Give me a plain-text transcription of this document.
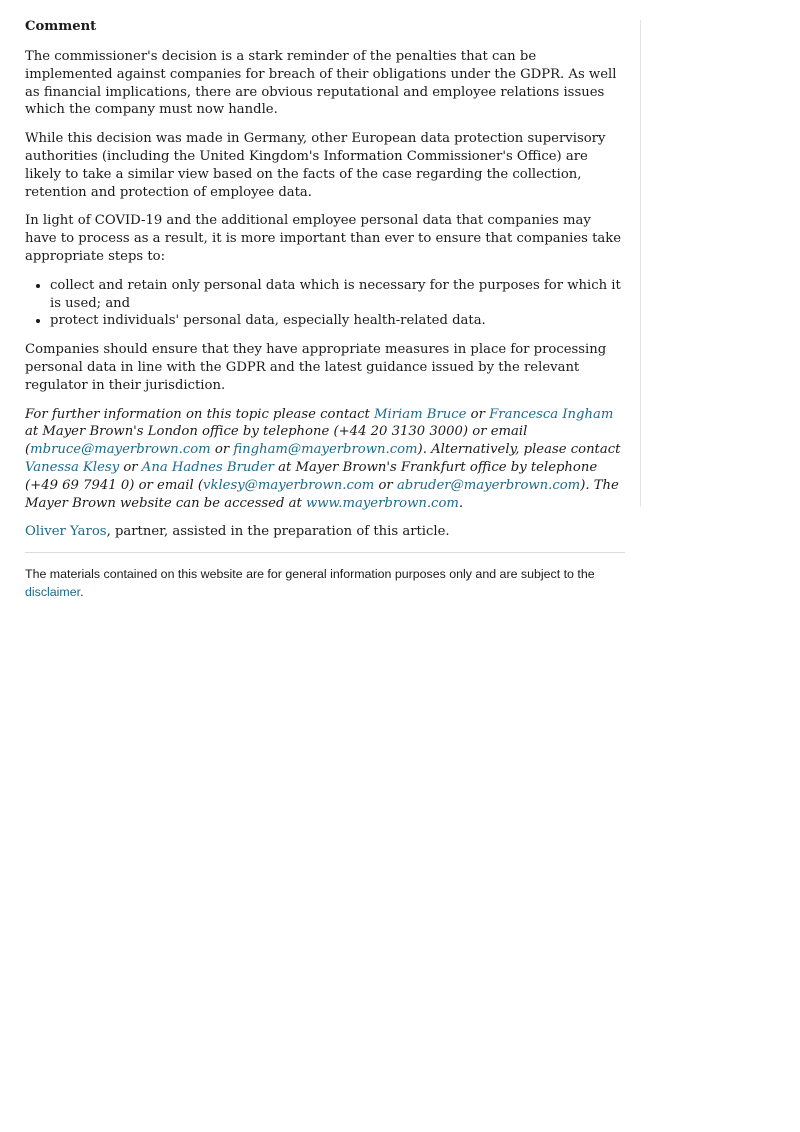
Comment

The commissioner's decision is a stark reminder of the penalties that can be implemented against companies for breach of their obligations under the GDPR. As well as financial implications, there are obvious reputational and employee relations issues which the company must now handle.

While this decision was made in Germany, other European data protection supervisory authorities (including the United Kingdom's Information Commissioner's Office) are likely to take a similar view based on the facts of the case regarding the collection, retention and protection of employee data.

In light of COVID-19 and the additional employee personal data that companies may have to process as a result, it is more important than ever to ensure that companies take appropriate steps to:

• collect and retain only personal data which is necessary for the purposes for which it is used; and
• protect individuals' personal data, especially health-related data.

Companies should ensure that they have appropriate measures in place for processing personal data in line with the GDPR and the latest guidance issued by the relevant regulator in their jurisdiction.

For further information on this topic please contact Miriam Bruce or Francesca Ingham at Mayer Brown's London office by telephone (+44 20 3130 3000) or email (mbruce@mayerbrown.com or fingham@mayerbrown.com). Alternatively, please contact Vanessa Klesy or Ana Hadnes Bruder at Mayer Brown's Frankfurt office by telephone (+49 69 7941 0) or email (vklesy@mayerbrown.com or abruder@mayerbrown.com). The Mayer Brown website can be accessed at www.mayerbrown.com.

Oliver Yaros, partner, assisted in the preparation of this article.

The materials contained on this website are for general information purposes only and are subject to the disclaimer.
